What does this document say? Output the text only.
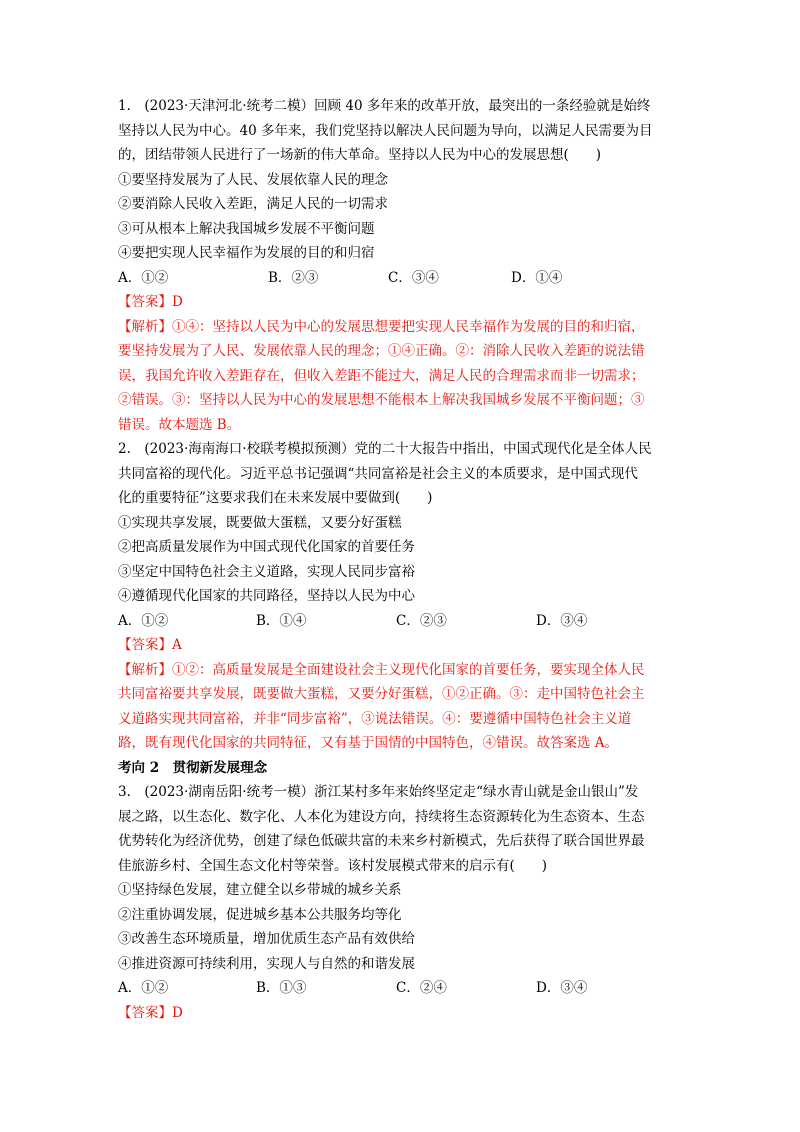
1.　(2023·天津河北·统考二模）回顾 40 多年来的改革开放，最突出的一条经验就是始终
坚持以人民为中心。40 多年来，我们党坚持以解决人民问题为导向，以满足人民需要为目
的，团结带领人民进行了一场新的伟大革命。坚持以人民为中心的发展思想(　　)
①要坚持发展为了人民、发展依靠人民的理念
②要消除人民收入差距，满足人民的一切需求
③可从根本上解决我国城乡发展不平衡问题
④要把实现人民幸福作为发展的目的和归宿
A．①②	B．②③	C．③④	D．①④
【答案】D
【解析】①④：坚持以人民为中心的发展思想要把实现人民幸福作为发展的目的和归宿，
要坚持发展为了人民、发展依靠人民的理念；①④正确。②：消除人民收入差距的说法错
误，我国允许收入差距存在，但收入差距不能过大，满足人民的合理需求而非一切需求；
②错误。③：坚持以人民为中心的发展思想不能根本上解决我国城乡发展不平衡问题；③
错误。故本题选 B。
2.　(2023·海南海口·校联考模拟预测）党的二十大报告中指出，中国式现代化是全体人民
共同富裕的现代化。习近平总书记强调“共同富裕是社会主义的本质要求，是中国式现代
化的重要特征”这要求我们在未来发展中要做到(　　)
①实现共享发展，既要做大蛋糕，又要分好蛋糕
②把高质量发展作为中国式现代化国家的首要任务
③坚定中国特色社会主义道路，实现人民同步富裕
④遵循现代化国家的共同路径，坚持以人民为中心
A．①②	B．①④	C．②③	D．③④
【答案】A
【解析】①②：高质量发展是全面建设社会主义现代化国家的首要任务，要实现全体人民
共同富裕要共享发展，既要做大蛋糕，又要分好蛋糕，①②正确。③：走中国特色社会主
义道路实现共同富裕，并非“同步富裕”，③说法错误。④：要遵循中国特色社会主义道
路，既有现代化国家的共同特征，又有基于国情的中国特色，④错误。故答案选 A。
考向 2　贯彻新发展理念
3.　(2023·湖南岳阳·统考一模）浙江某村多年来始终坚定走“绿水青山就是金山银山”发
展之路，以生态化、数字化、人本化为建设方向，持续将生态资源转化为生态资本、生态
优势转化为经济优势，创建了绿色低碳共富的未来乡村新模式，先后获得了联合国世界最
佳旅游乡村、全国生态文化村等荣誉。该村发展模式带来的启示有(　　)
①坚持绿色发展，建立健全以乡带城的城乡关系
②注重协调发展，促进城乡基本公共服务均等化
③改善生态环境质量，增加优质生态产品有效供给
④推进资源可持续利用，实现人与自然的和谐发展
A．①②	B．①③	C．②④	D．③④
【答案】D
